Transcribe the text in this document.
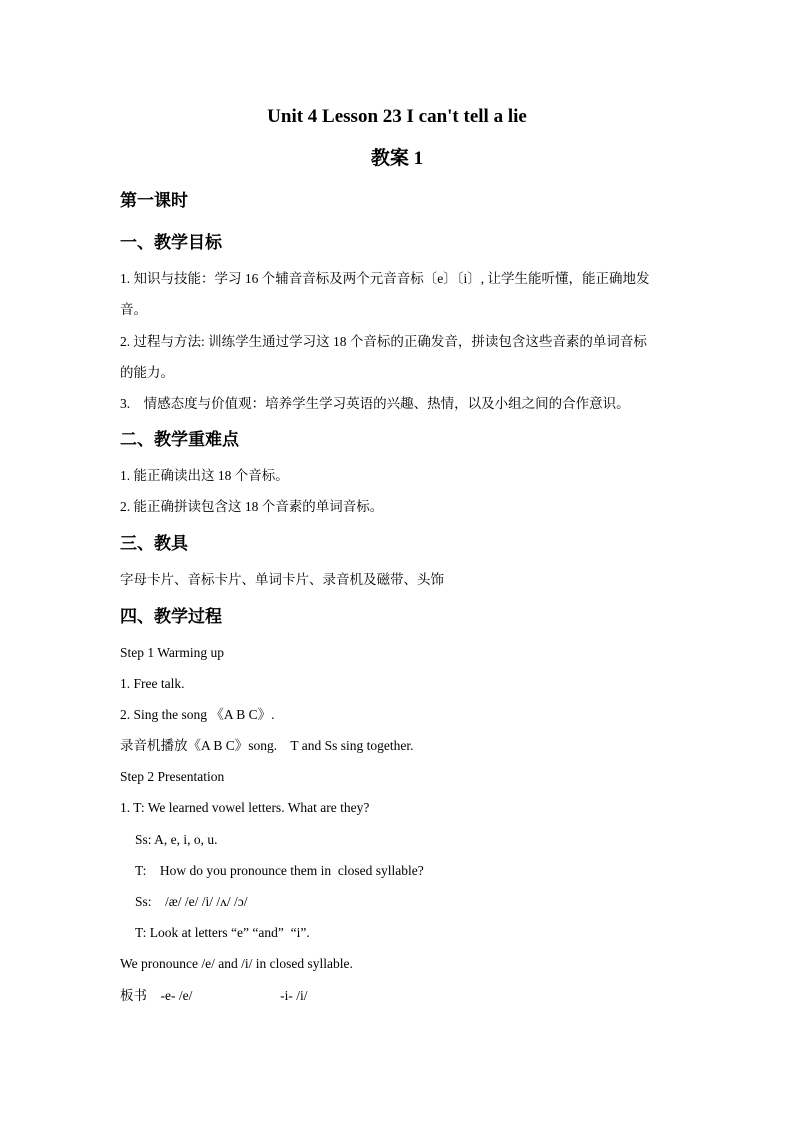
Unit 4 Lesson 23 I can't tell a lie
教案 1
第一课时
一、教学目标
1. 知识与技能：学习 16 个辅音音标及两个元音音标〔e〕〔i〕, 让学生能听懂，能正确地发
音。
2. 过程与方法: 训练学生通过学习这 18 个音标的正确发音，拼读包含这些音素的单词音标
的能力。
3.    情感态度与价值观：培养学生学习英语的兴趣、热情，以及小组之间的合作意识。
二、教学重难点
1. 能正确读出这 18 个音标。
2. 能正确拼读包含这 18 个音素的单词音标。
三、教具
字母卡片、音标卡片、单词卡片、录音机及磁带、头饰
四、教学过程
Step 1 Warming up
1. Free talk.
2. Sing the song 《A B C》.
录音机播放《A B C》song.    T and Ss sing together.
Step 2 Presentation
1. T: We learned vowel letters. What are they?
Ss: A, e, i, o, u.
T:    How do you pronounce them in  closed syllable?
Ss:    /æ/ /e/ /i/ /ʌ/ /ɔ/
T: Look at letters “e” “and”  “i”.
We pronounce /e/ and /i/ in closed syllable.
板书    -e- /e/                          -i- /i/
